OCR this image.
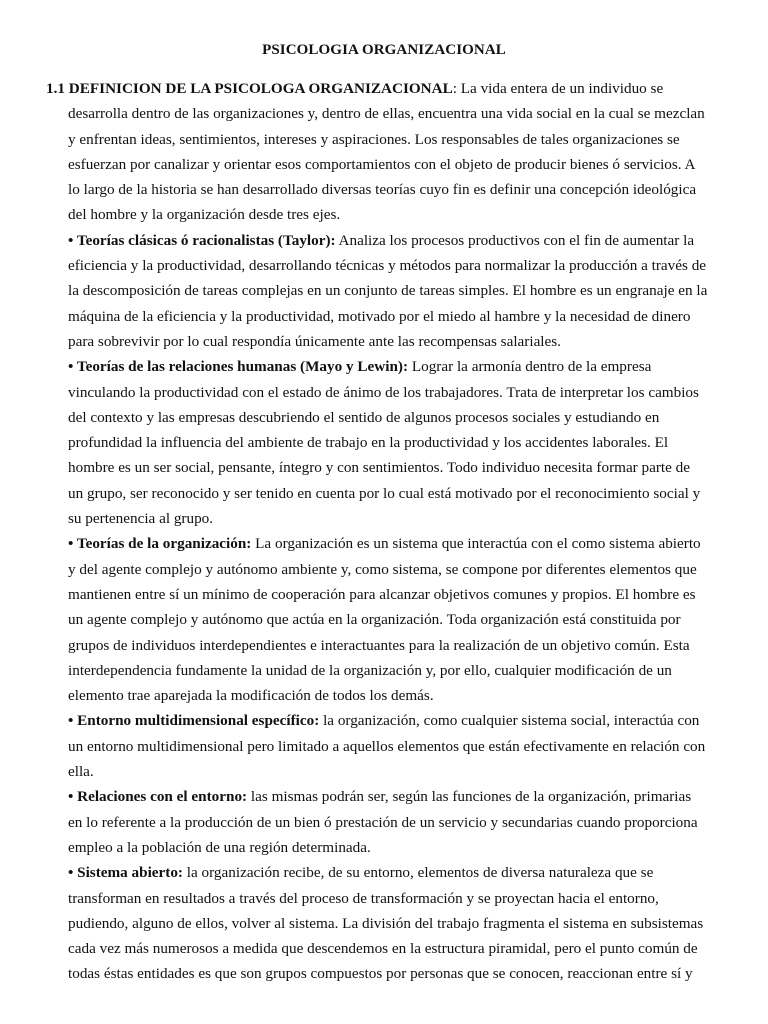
PSICOLOGIA ORGANIZACIONAL
1.1 DEFINICION DE LA PSICOLOGA ORGANIZACIONAL: La vida entera de un individuo se
desarrolla dentro de las organizaciones y, dentro de ellas, encuentra una vida social en la cual se mezclan
y enfrentan ideas, sentimientos, intereses y aspiraciones. Los responsables de tales organizaciones se
esfuerzan por canalizar y orientar esos comportamientos con el objeto de producir bienes ó servicios. A
lo largo de la historia se han desarrollado diversas teorías cuyo fin es definir una concepción ideológica
del hombre y la organización desde tres ejes.
• Teorías clásicas ó racionalistas (Taylor): Analiza los procesos productivos con el fin de aumentar la
eficiencia y la productividad, desarrollando técnicas y métodos para normalizar la producción a través de
la descomposición de tareas complejas en un conjunto de tareas simples. El hombre es un engranaje en la
máquina de la eficiencia y la productividad, motivado por el miedo al hambre y la necesidad de dinero
para sobrevivir por lo cual respondía únicamente ante las recompensas salariales.
• Teorías de las relaciones humanas (Mayo y Lewin): Lograr la armonía dentro de la empresa
vinculando la productividad con el estado de ánimo de los trabajadores. Trata de interpretar los cambios
del contexto y las empresas descubriendo el sentido de algunos procesos sociales y estudiando en
profundidad la influencia del ambiente de trabajo en la productividad y los accidentes laborales. El
hombre es un ser social, pensante, íntegro y con sentimientos. Todo individuo necesita formar parte de
un grupo, ser reconocido y ser tenido en cuenta por lo cual está motivado por el reconocimiento social y
su pertenencia al grupo.
• Teorías de la organización: La organización es un sistema que interactúa con el como sistema abierto
y del agente complejo y autónomo ambiente y, como sistema, se compone por diferentes elementos que
mantienen entre sí un mínimo de cooperación para alcanzar objetivos comunes y propios. El hombre es
un agente complejo y autónomo que actúa en la organización. Toda organización está constituida por
grupos de individuos interdependientes e interactuantes para la realización de un objetivo común. Esta
interdependencia fundamente la unidad de la organización y, por ello, cualquier modificación de un
elemento trae aparejada la modificación de todos los demás.
• Entorno multidimensional específico: la organización, como cualquier sistema social, interactúa con
un entorno multidimensional pero limitado a aquellos elementos que están efectivamente en relación con
ella.
• Relaciones con el entorno: las mismas podrán ser, según las funciones de la organización, primarias
en lo referente a la producción de un bien ó prestación de un servicio y secundarias cuando proporciona
empleo a la población de una región determinada.
• Sistema abierto: la organización recibe, de su entorno, elementos de diversa naturaleza que se
transforman en resultados a través del proceso de transformación y se proyectan hacia el entorno,
pudiendo, alguno de ellos, volver al sistema. La división del trabajo fragmenta el sistema en subsistemas
cada vez más numerosos a medida que descendemos en la estructura piramidal, pero el punto común de
todas éstas entidades es que son grupos compuestos por personas que se conocen, reaccionan entre sí y
